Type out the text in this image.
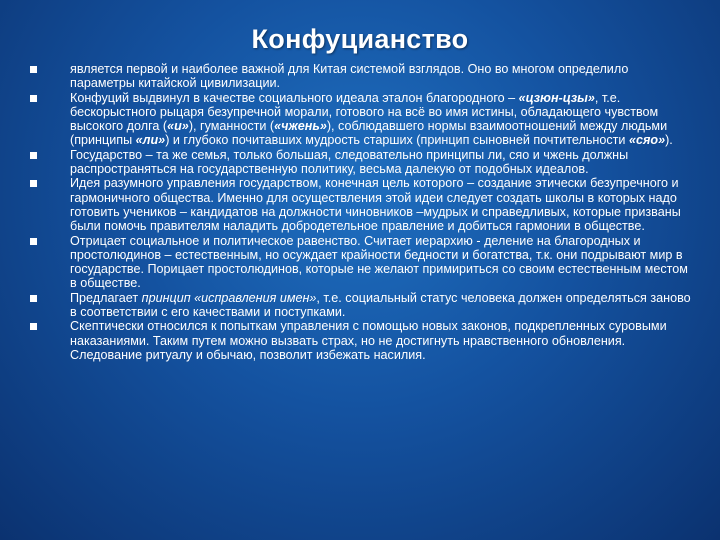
Конфуцианство
является первой и наиболее важной для Китая системой взглядов. Оно во многом определило параметры китайской цивилизации.
Конфуций выдвинул в качестве социального идеала эталон благородного – «цзюн-цзы», т.е. бескорыстного рыцаря безупречной морали, готового на всё во имя истины, обладающего чувством высокого долга («и»), гуманности («чжень»), соблюдавшего нормы взаимоотношений между людьми (принципы «ли») и глубоко почитавших мудрость старших (принцип сыновней почтительности «сяо»).
Государство – та же семья, только большая, следовательно принципы ли, сяо и чжень должны распространяться на государственную политику, весьма далекую от подобных идеалов.
Идея разумного управления государством, конечная цель которого – создание этически безупречного и гармоничного общества. Именно для осуществления этой идеи следует создать школы в которых надо готовить учеников – кандидатов на должности чиновников –мудрых и справедливых, которые призваны были помочь правителям наладить добродетельное правление и добиться гармонии в обществе.
Отрицает социальное и политическое равенство. Считает иерархию - деление на благородных и простолюдинов – естественным, но осуждает крайности бедности и богатства, т.к. они подрывают мир в государстве. Порицает простолюдинов, которые не желают примириться со своим естественным местом в обществе.
Предлагает принцип «исправления имен», т.е. социальный статус человека должен определяться заново в соответствии с его качествами и поступками.
Скептически относился к попыткам управления с помощью новых законов, подкрепленных суровыми наказаниями. Таким путем можно вызвать страх, но не достигнуть нравственного обновления. Следование ритуалу и обычаю, позволит избежать насилия.
